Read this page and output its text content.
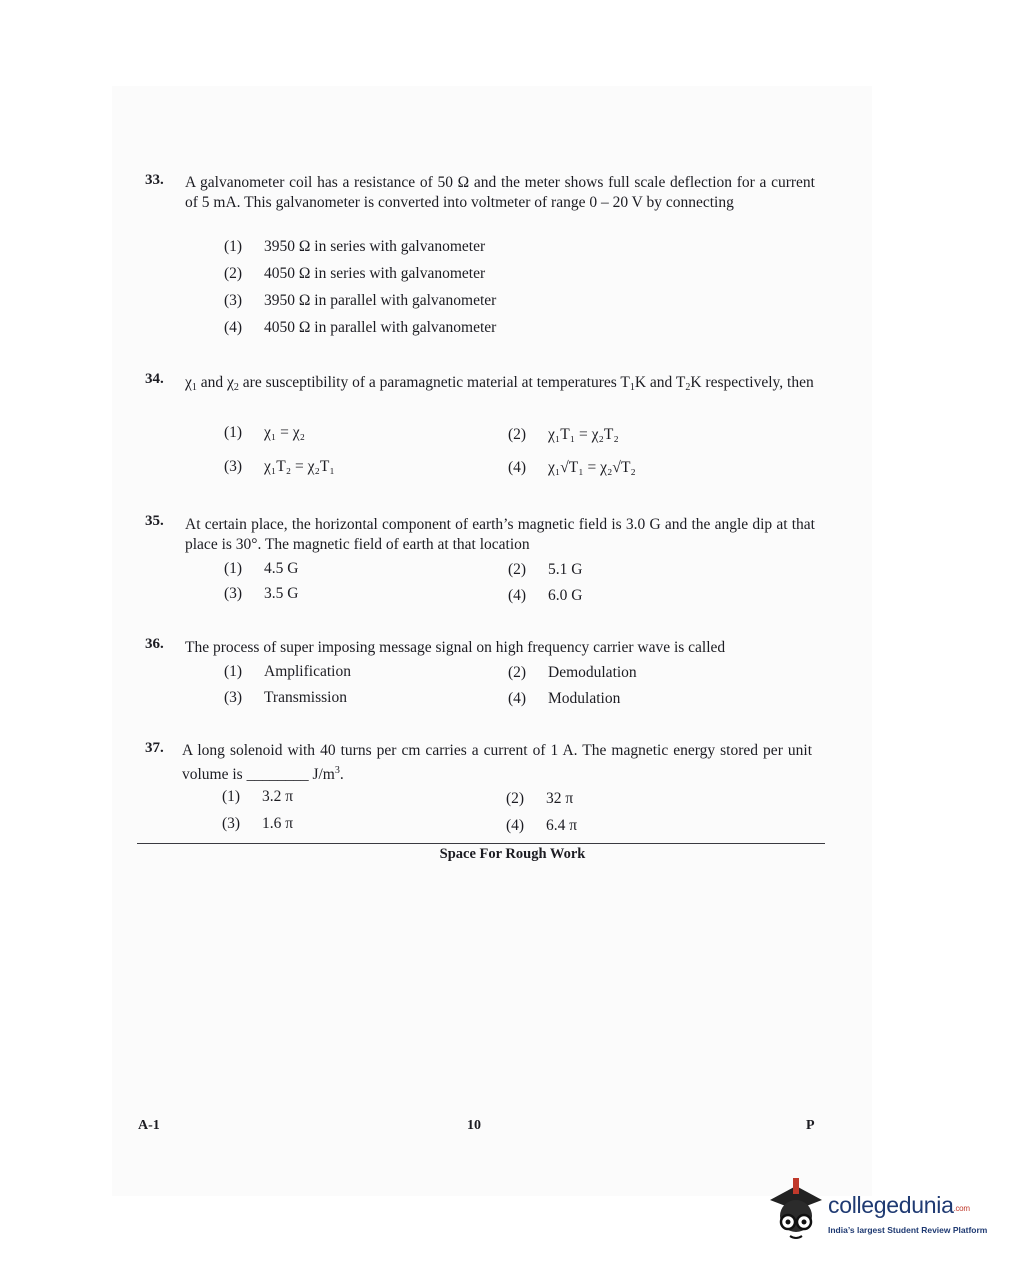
33. A galvanometer coil has a resistance of 50 Ω and the meter shows full scale deflection for a current of 5 mA. This galvanometer is converted into voltmeter of range 0 – 20 V by connecting
(1) 3950 Ω in series with galvanometer
(2) 4050 Ω in series with galvanometer
(3) 3950 Ω in parallel with galvanometer
(4) 4050 Ω in parallel with galvanometer
34. $\chi_1$ and $\chi_2$ are susceptibility of a paramagnetic material at temperatures $T_1K$ and $T_2K$ respectively, then
(1) χ₁ = χ₂	(2) χ₁T₁ = χ₂T₂
(3) χ₁T₂ = χ₂T₁	(4) χ₁√T₁ = χ₂√T₂
35. At certain place, the horizontal component of earth’s magnetic field is 3.0 G and the angle dip at that place is 30°. The magnetic field of earth at that location
(1) 4.5 G	(2) 5.1 G
(3) 3.5 G	(4) 6.0 G
36. The process of super imposing message signal on high frequency carrier wave is called
(1) Amplification	(2) Demodulation
(3) Transmission	(4) Modulation
37. A long solenoid with 40 turns per cm carries a current of 1 A. The magnetic energy stored per unit volume is ________ $J/m^3$.
(1) 3.2 π	(2) 32 π
(3) 1.6 π	(4) 6.4 π
Space For Rough Work
A-1	10	P
collegedunia.com
India’s largest Student Review Platform
